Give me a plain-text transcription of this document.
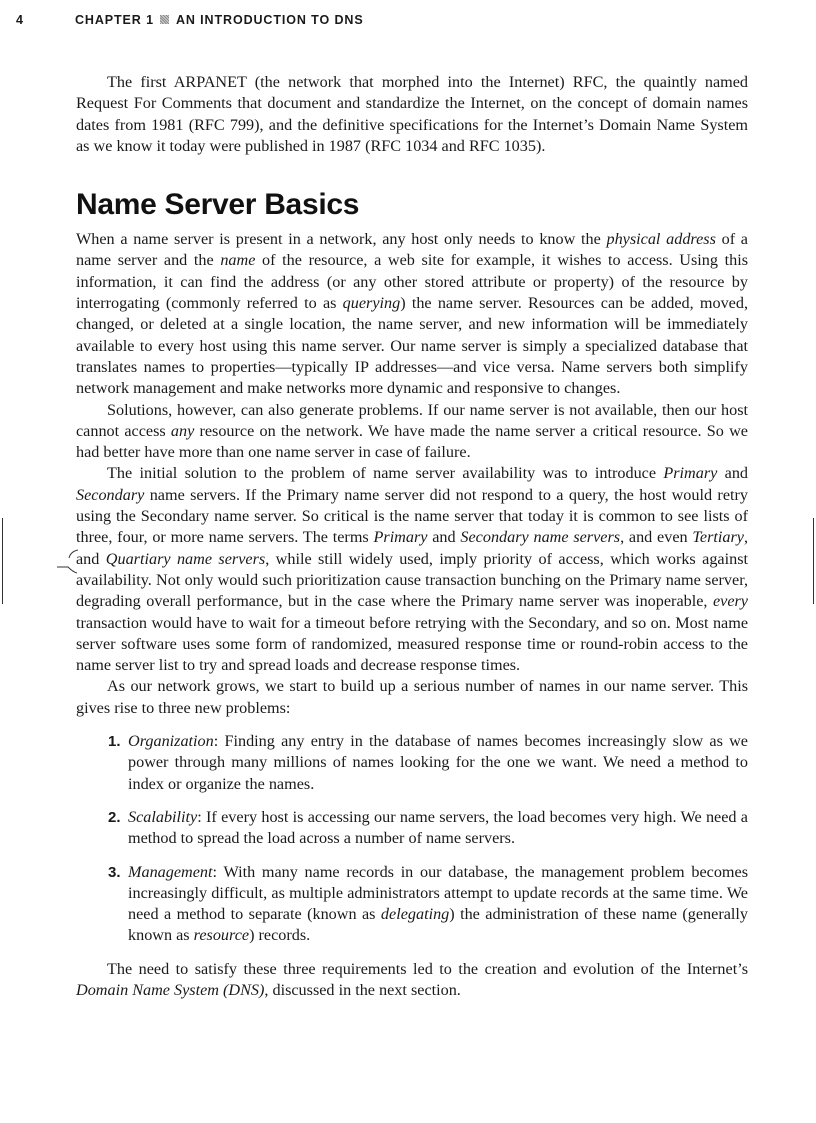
4	CHAPTER 1 AN INTRODUCTION TO DNS

The first ARPANET (the network that morphed into the Internet) RFC, the quaintly named Request For Comments that document and standardize the Internet, on the concept of domain names dates from 1981 (RFC 799), and the definitive specifications for the Internet’s Domain Name System as we know it today were published in 1987 (RFC 1034 and RFC 1035).

Name Server Basics

When a name server is present in a network, any host only needs to know the physical address of a name server and the name of the resource, a web site for example, it wishes to access. Using this information, it can find the address (or any other stored attribute or property) of the resource by interrogating (commonly referred to as querying) the name server. Resources can be added, moved, changed, or deleted at a single location, the name server, and new information will be immediately available to every host using this name server. Our name server is simply a specialized database that translates names to properties—typically IP addresses—and vice versa. Name servers both simplify network management and make networks more dynamic and responsive to changes.

Solutions, however, can also generate problems. If our name server is not available, then our host cannot access any resource on the network. We have made the name server a critical resource. So we had better have more than one name server in case of failure.

The initial solution to the problem of name server availability was to introduce Primary and Secondary name servers. If the Primary name server did not respond to a query, the host would retry using the Secondary name server. So critical is the name server that today it is common to see lists of three, four, or more name servers. The terms Primary and Secondary name servers, and even Tertiary, and Quartiary name servers, while still widely used, imply priority of access, which works against availability. Not only would such prioritization cause transaction bunching on the Primary name server, degrading overall performance, but in the case where the Primary name server was inoperable, every transaction would have to wait for a timeout before retrying with the Secondary, and so on. Most name server software uses some form of randomized, measured response time or round-robin access to the name server list to try and spread loads and decrease response times.

As our network grows, we start to build up a serious number of names in our name server. This gives rise to three new problems:

1. Organization: Finding any entry in the database of names becomes increasingly slow as we power through many millions of names looking for the one we want. We need a method to index or organize the names.
2. Scalability: If every host is accessing our name servers, the load becomes very high. We need a method to spread the load across a number of name servers.
3. Management: With many name records in our database, the management problem becomes increasingly difficult, as multiple administrators attempt to update records at the same time. We need a method to separate (known as delegating) the administration of these name (generally known as resource) records.

The need to satisfy these three requirements led to the creation and evolution of the Internet’s Domain Name System (DNS), discussed in the next section.
